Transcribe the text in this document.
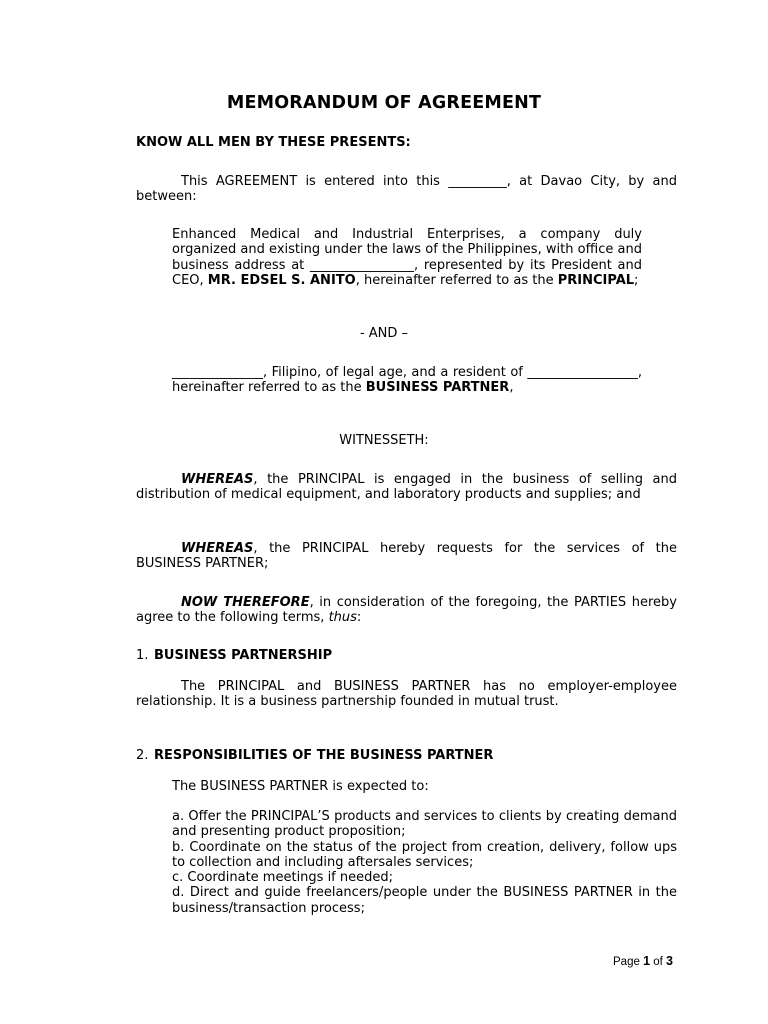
MEMORANDUM OF AGREEMENT
KNOW ALL MEN BY THESE PRESENTS:
This AGREEMENT is entered into this _________, at Davao City, by and between:
Enhanced Medical and Industrial Enterprises, a company duly organized and existing under the laws of the Philippines, with office and business address at ________________, represented by its President and CEO, MR. EDSEL S. ANITO, hereinafter referred to as the PRINCIPAL;
- AND –
______________, Filipino, of legal age, and a resident of _________________, hereinafter referred to as the BUSINESS PARTNER,
WITNESSETH:
WHEREAS, the PRINCIPAL is engaged in the business of selling and distribution of medical equipment, and laboratory products and supplies; and
WHEREAS, the PRINCIPAL hereby requests for the services of the BUSINESS PARTNER;
NOW THEREFORE, in consideration of the foregoing, the PARTIES hereby agree to the following terms, thus:
1. BUSINESS PARTNERSHIP
The PRINCIPAL and BUSINESS PARTNER has no employer-employee relationship. It is a business partnership founded in mutual trust.
2. RESPONSIBILITIES OF THE BUSINESS PARTNER
The BUSINESS PARTNER is expected to:
a. Offer the PRINCIPAL’S products and services to clients by creating demand and presenting product proposition;
b. Coordinate on the status of the project from creation, delivery, follow ups to collection and including aftersales services;
c. Coordinate meetings if needed;
d. Direct and guide freelancers/people under the BUSINESS PARTNER in the business/transaction process;
Page 1 of 3
